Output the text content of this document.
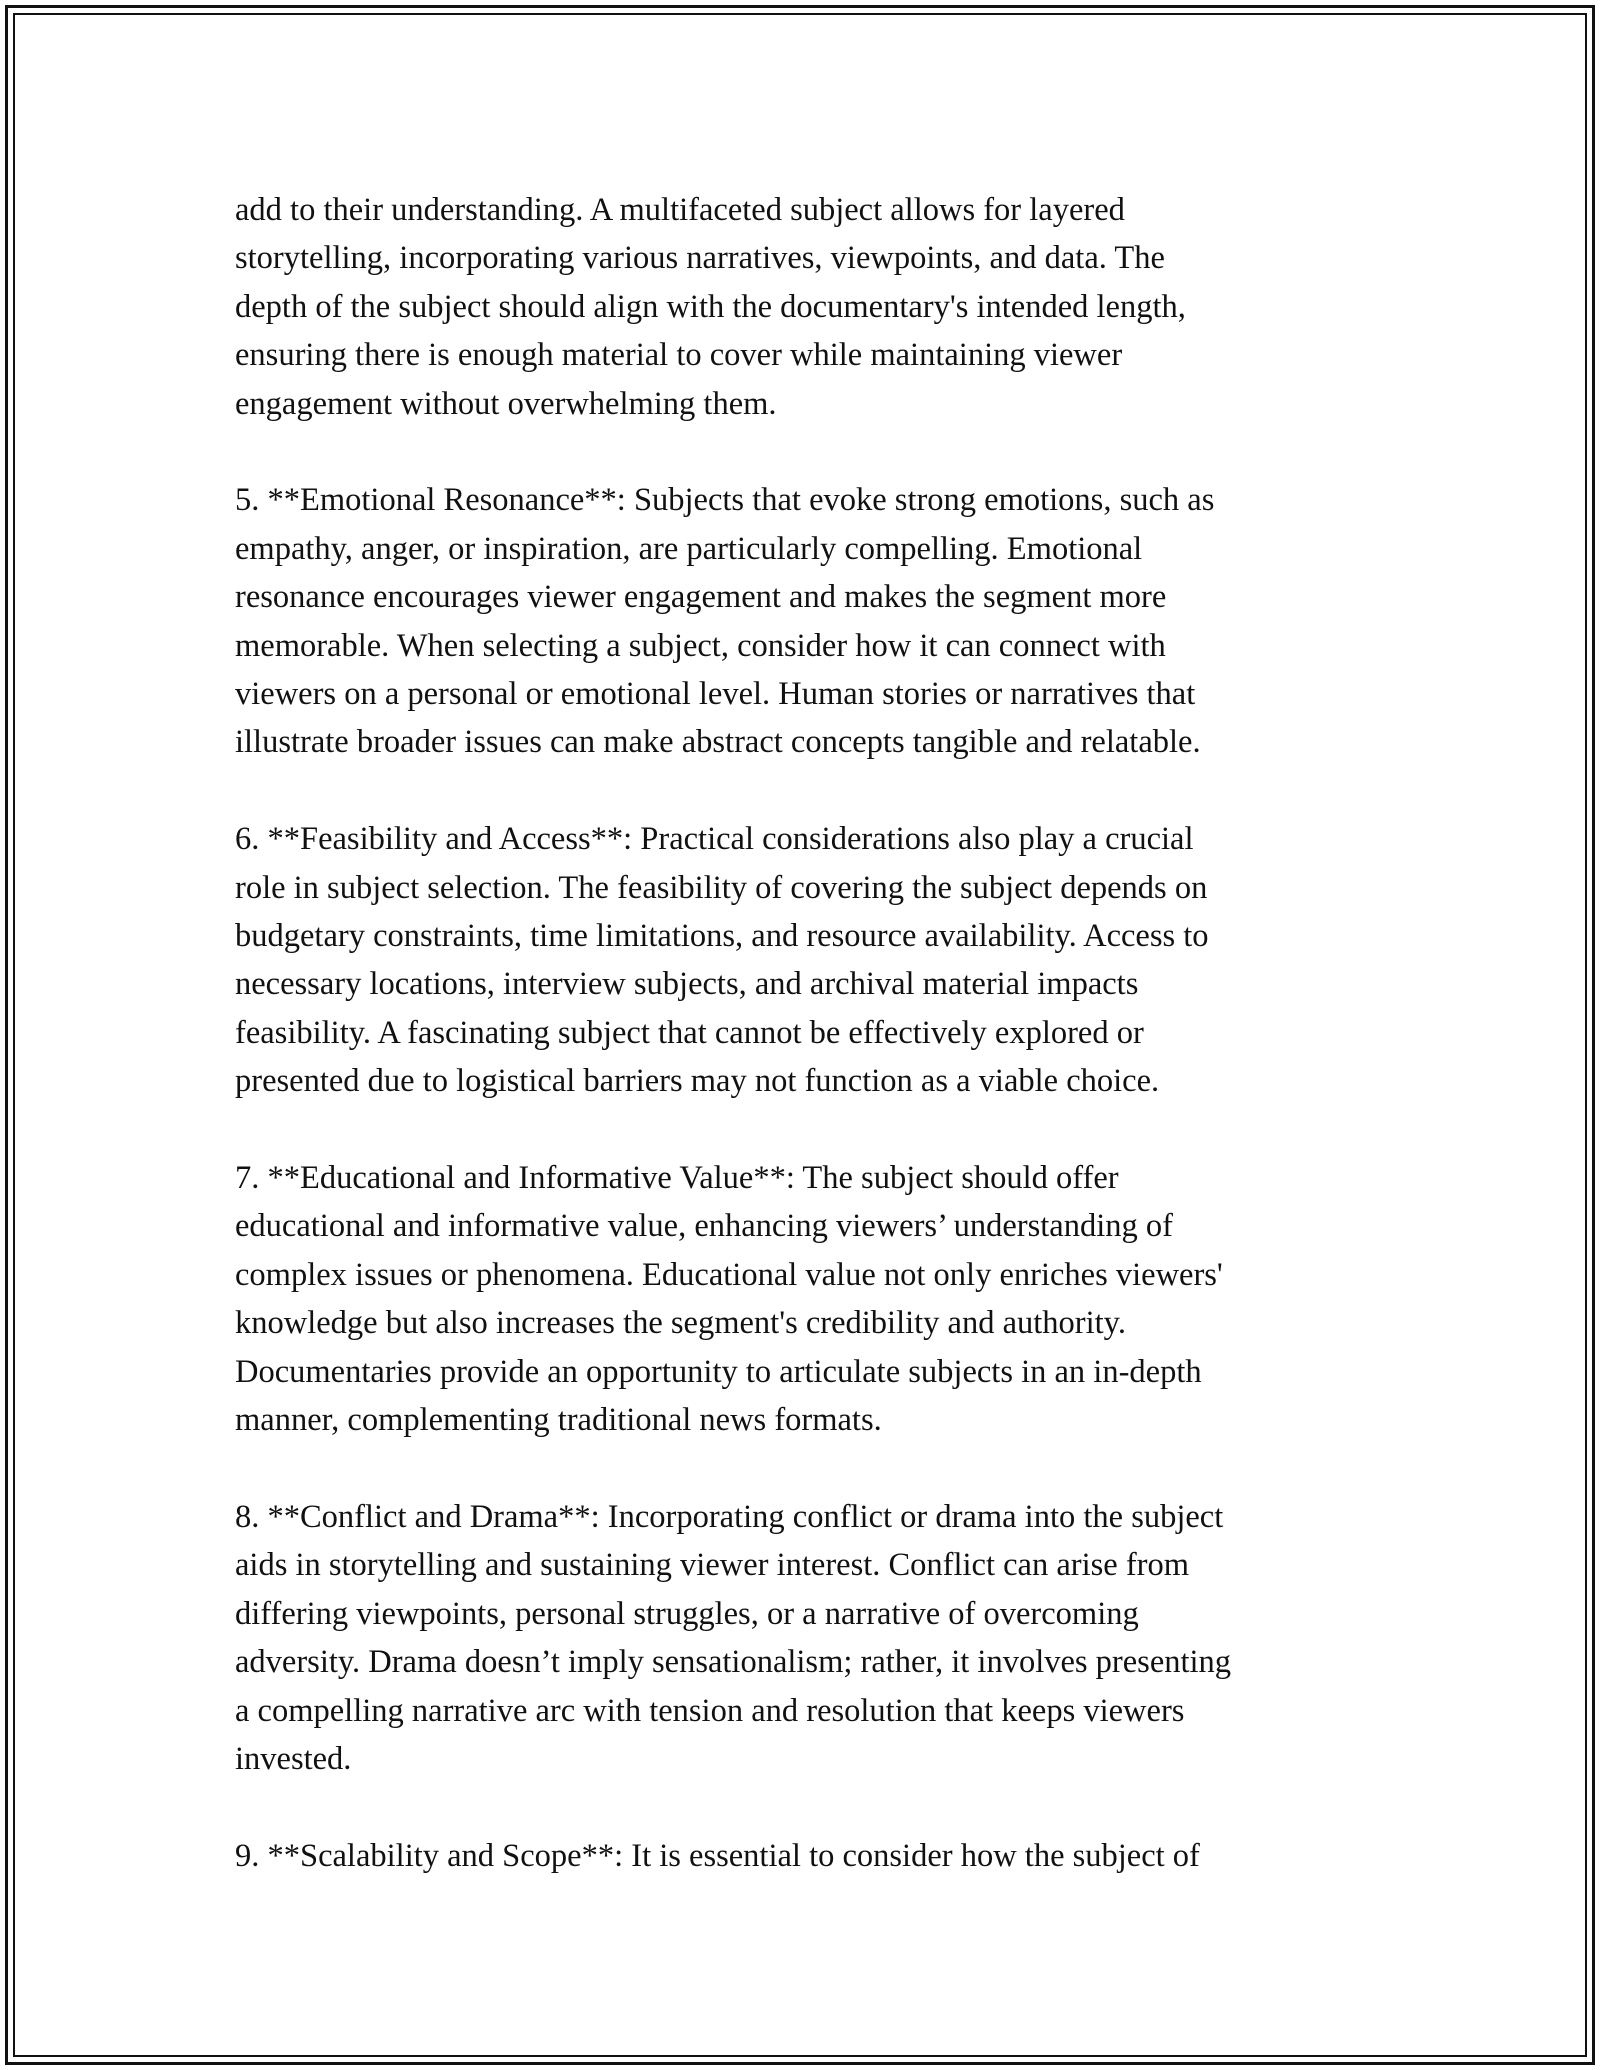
add to their understanding. A multifaceted subject allows for layered
storytelling, incorporating various narratives, viewpoints, and data. The
depth of the subject should align with the documentary's intended length,
ensuring there is enough material to cover while maintaining viewer
engagement without overwhelming them.

5. **Emotional Resonance**: Subjects that evoke strong emotions, such as
empathy, anger, or inspiration, are particularly compelling. Emotional
resonance encourages viewer engagement and makes the segment more
memorable. When selecting a subject, consider how it can connect with
viewers on a personal or emotional level. Human stories or narratives that
illustrate broader issues can make abstract concepts tangible and relatable.

6. **Feasibility and Access**: Practical considerations also play a crucial
role in subject selection. The feasibility of covering the subject depends on
budgetary constraints, time limitations, and resource availability. Access to
necessary locations, interview subjects, and archival material impacts
feasibility. A fascinating subject that cannot be effectively explored or
presented due to logistical barriers may not function as a viable choice.

7. **Educational and Informative Value**: The subject should offer
educational and informative value, enhancing viewers’ understanding of
complex issues or phenomena. Educational value not only enriches viewers'
knowledge but also increases the segment's credibility and authority.
Documentaries provide an opportunity to articulate subjects in an in-depth
manner, complementing traditional news formats.

8. **Conflict and Drama**: Incorporating conflict or drama into the subject
aids in storytelling and sustaining viewer interest. Conflict can arise from
differing viewpoints, personal struggles, or a narrative of overcoming
adversity. Drama doesn’t imply sensationalism; rather, it involves presenting
a compelling narrative arc with tension and resolution that keeps viewers
invested.

9. **Scalability and Scope**: It is essential to consider how the subject of
